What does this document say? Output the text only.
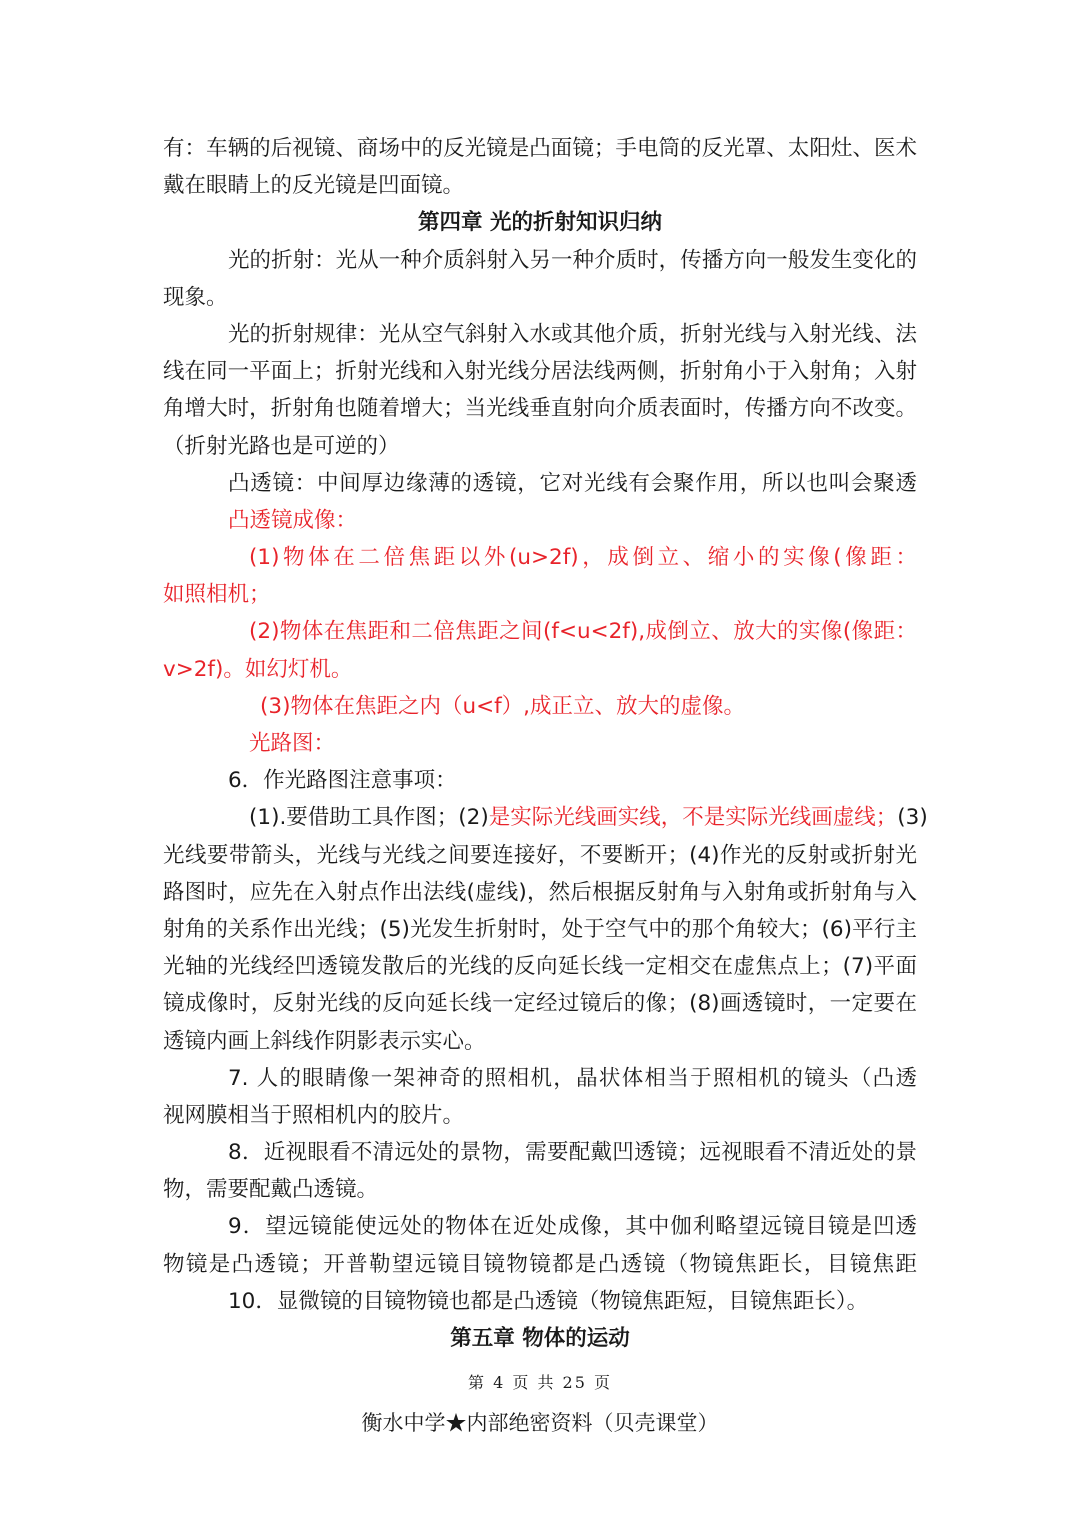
有：车辆的后视镜、商场中的反光镜是凸面镜；手电筒的反光罩、太阳灶、医术
戴在眼睛上的反光镜是凹面镜。
第四章 光的折射知识归纳
光的折射：光从一种介质斜射入另一种介质时，传播方向一般发生变化的
现象。
光的折射规律：光从空气斜射入水或其他介质，折射光线与入射光线、法
线在同一平面上；折射光线和入射光线分居法线两侧，折射角小于入射角；入射
角增大时，折射角也随着增大；当光线垂直射向介质表面时，传播方向不改变。
（折射光路也是可逆的）
凸透镜：中间厚边缘薄的透镜，它对光线有会聚作用，所以也叫会聚透
凸透镜成像：
(1)物体在二倍焦距以外(u>2f)，成倒立、缩小的实像(像距：
如照相机；
(2)物体在焦距和二倍焦距之间(f<u<2f),成倒立、放大的实像(像距：
v>2f)。如幻灯机。
(3)物体在焦距之内（u<f）,成正立、放大的虚像。
光路图：
6．作光路图注意事项：
(1).要借助工具作图；(2)是实际光线画实线，不是实际光线画虚线；(3)
光线要带箭头，光线与光线之间要连接好，不要断开；(4)作光的反射或折射光
路图时，应先在入射点作出法线(虚线)，然后根据反射角与入射角或折射角与入
射角的关系作出光线；(5)光发生折射时，处于空气中的那个角较大；(6)平行主
光轴的光线经凹透镜发散后的光线的反向延长线一定相交在虚焦点上；(7)平面
镜成像时，反射光线的反向延长线一定经过镜后的像；(8)画透镜时，一定要在
透镜内画上斜线作阴影表示实心。
7. 人的眼睛像一架神奇的照相机，晶状体相当于照相机的镜头（凸透
视网膜相当于照相机内的胶片。
8．近视眼看不清远处的景物，需要配戴凹透镜；远视眼看不清近处的景
物，需要配戴凸透镜。
9．望远镜能使远处的物体在近处成像，其中伽利略望远镜目镜是凹透
物镜是凸透镜；开普勒望远镜目镜物镜都是凸透镜（物镜焦距长，目镜焦距
10．显微镜的目镜物镜也都是凸透镜（物镜焦距短，目镜焦距长）。
第五章 物体的运动
第 4 页 共 25 页
衡水中学★内部绝密资料（贝壳课堂）
